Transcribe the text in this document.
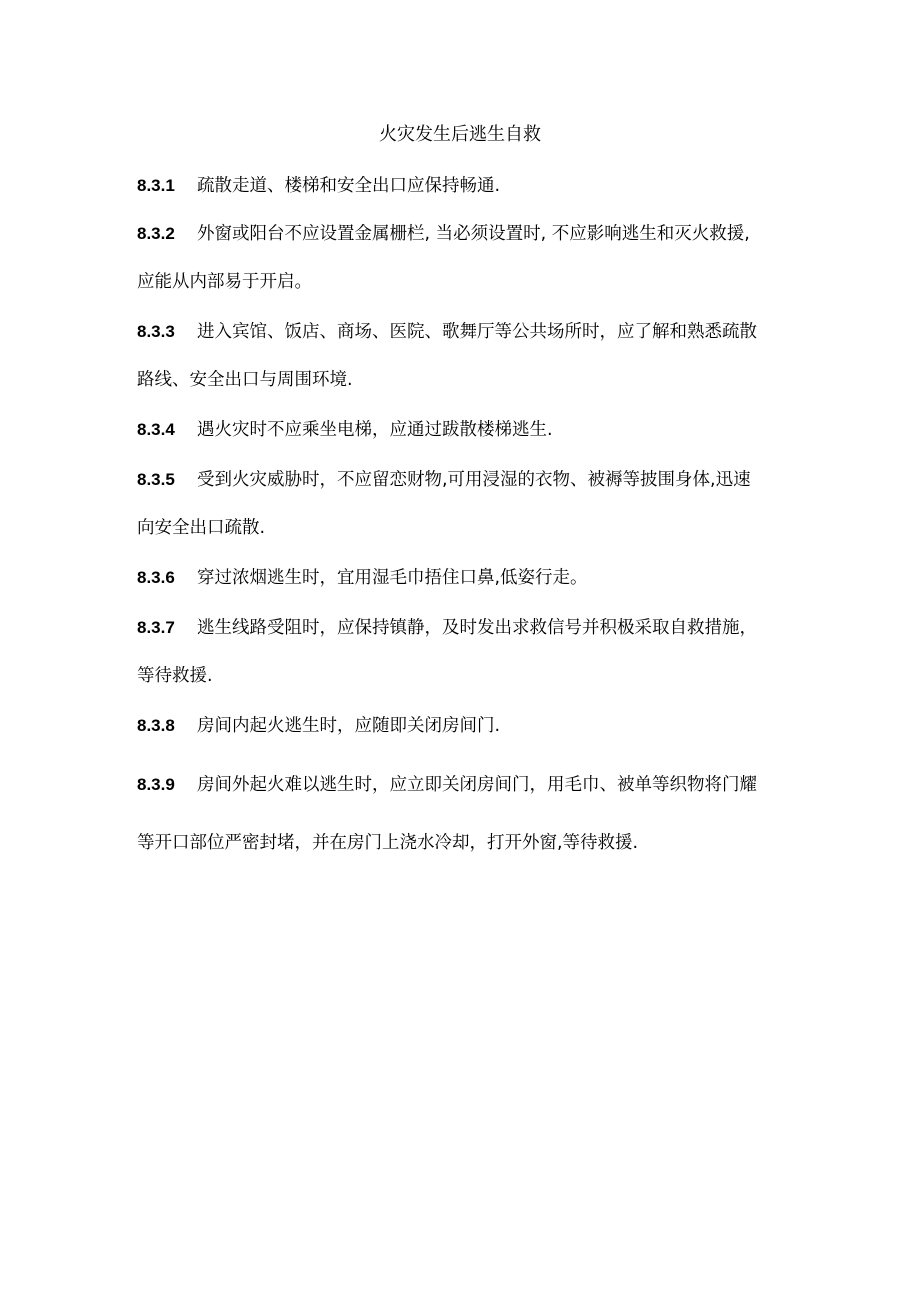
火灾发生后逃生自救
8.3.1 疏散走道、楼梯和安全出口应保持畅通.
8.3.2 外窗或阳台不应设置金属栅栏, 当必须设置时, 不应影响逃生和灭火救援,
应能从内部易于开启。
8.3.3 进入宾馆、饭店、商场、医院、歌舞厅等公共场所时，应了解和熟悉疏散
路线、安全出口与周围环境.
8.3.4 遇火灾时不应乘坐电梯，应通过跋散楼梯逃生.
8.3.5 受到火灾威胁时，不应留恋财物,可用浸湿的衣物、被褥等披围身体,迅速
向安全出口疏散.
8.3.6 穿过浓烟逃生时，宜用湿毛巾捂住口鼻,低姿行走。
8.3.7 逃生线路受阻时，应保持镇静，及时发出求救信号并积极采取自救措施，
等待救援.
8.3.8 房间内起火逃生时，应随即关闭房间门.
8.3.9 房间外起火难以逃生时，应立即关闭房间门，用毛巾、被单等织物将门耀
等开口部位严密封堵，并在房门上浇水冷却，打开外窗,等待救援.
